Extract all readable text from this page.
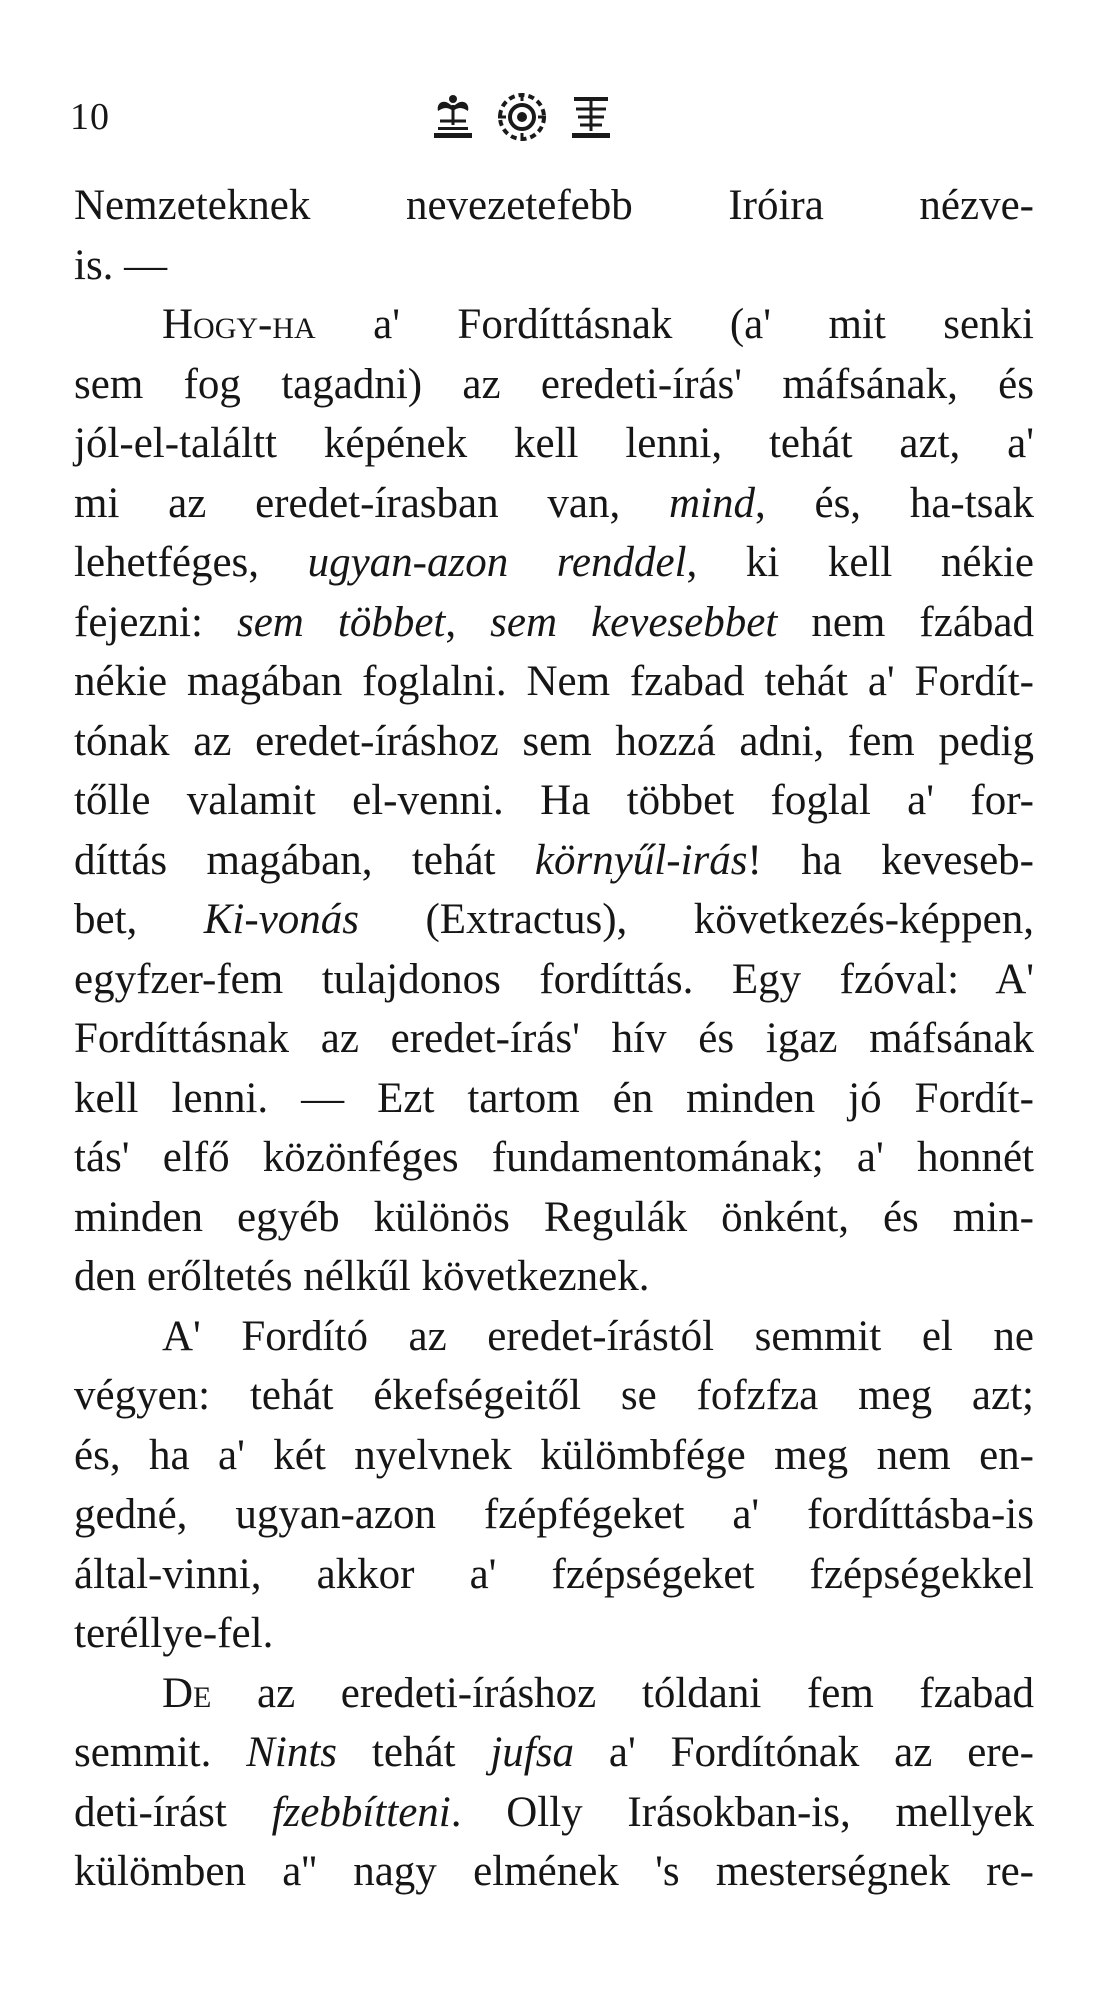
10
Nemzeteknek nevezetefebb Iróira nézve-
is. —
Hogy-ha a' Fordíttásnak (a' mit senki
sem fog tagadni) az eredeti-írás' máfsának, és
jól-el-találtt képének kell lenni, tehát azt, a'
mi az eredet-írasban van, mind, és, ha-tsak
lehetféges, ugyan-azon renddel, ki kell nékie
fejezni: sem többet, sem kevesebbet nem fzábad
nékie magában foglalni. Nem fzabad tehát a' Fordít-
tónak az eredet-íráshoz sem hozzá adni, fem pedig
tőlle valamit el-venni. Ha többet foglal a' for-
díttás magában, tehát környűl-irás! ha keveseb-
bet, Ki-vonás (Extractus), következés-képpen,
egyfzer-fem tulajdonos fordíttás. Egy fzóval: A'
Fordíttásnak az eredet-írás' hív és igaz máfsának
kell lenni. — Ezt tartom én minden jó Fordít-
tás' elfő közönféges fundamentomának; a' honnét
minden egyéb különös Regulák önként, és min-
den erőltetés nélkűl következnek.
A' Fordító az eredet-írástól semmit el ne
végyen: tehát ékefségeitől se fofzfza meg azt;
és, ha a' két nyelvnek külömbfége meg nem en-
gedné, ugyan-azon fzépfégeket a' fordíttásba-is
által-vinni, akkor a' fzépségeket fzépségekkel
teréllye-fel.
De az eredeti-íráshoz tóldani fem fzabad
semmit. Nints tehát jufsa a' Fordítónak az ere-
deti-írást fzebbítteni. Olly Irásokban-is, mellyek
külömben a'' nagy elmének 's mesterségnek re-
